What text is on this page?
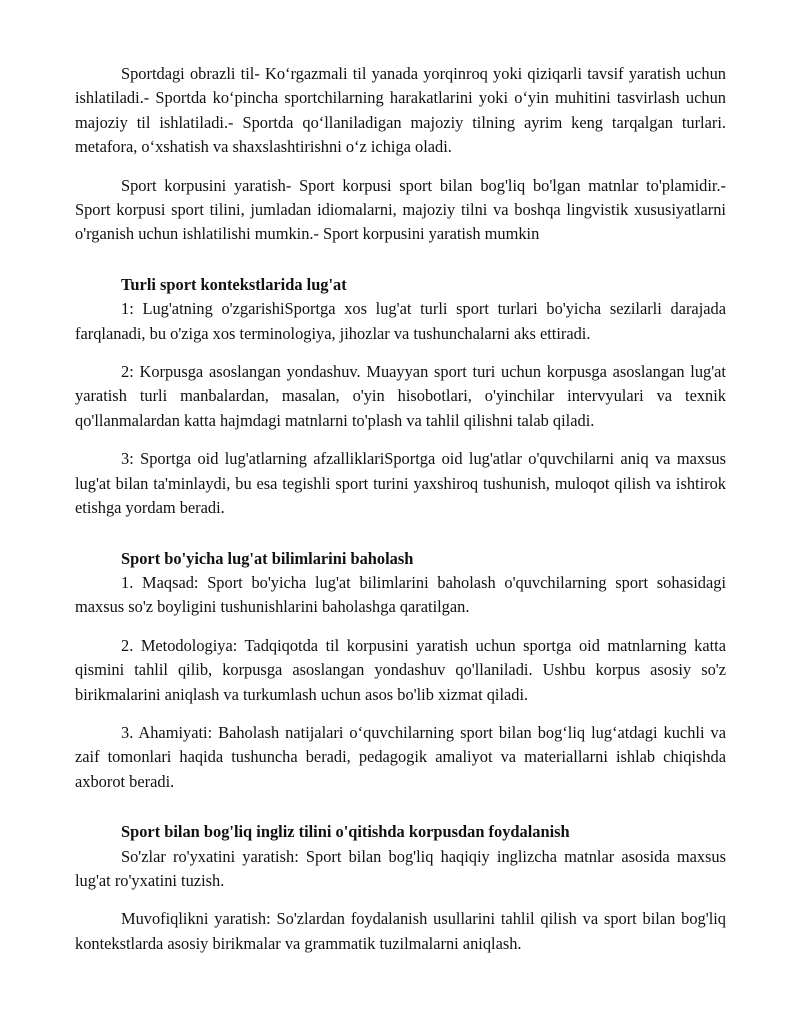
Sportdagi obrazli til- Ko‘rgazmali til yanada yorqinroq yoki qiziqarli tavsif yaratish uchun ishlatiladi.- Sportda ko‘pincha sportchilarning harakatlarini yoki o‘yin muhitini tasvirlash uchun majoziy til ishlatiladi.- Sportda qo‘llaniladigan majoziy tilning ayrim keng tarqalgan turlari. metafora, o‘xshatish va shaxslashtirishni o‘z ichiga oladi.

Sport korpusini yaratish- Sport korpusi sport bilan bog'liq bo'lgan matnlar to'plamidir.- Sport korpusi sport tilini, jumladan idiomalarni, majoziy tilni va boshqa lingvistik xususiyatlarni o'rganish uchun ishlatilishi mumkin.- Sport korpusini yaratish mumkin

Turli sport kontekstlarida lug'at

1: Lug'atning o'zgarishiSportga xos lug'at turli sport turlari bo'yicha sezilarli darajada farqlanadi, bu o'ziga xos terminologiya, jihozlar va tushunchalarni aks ettiradi.

2: Korpusga asoslangan yondashuv. Muayyan sport turi uchun korpusga asoslangan lug'at yaratish turli manbalardan, masalan, o'yin hisobotlari, o'yinchilar intervyulari va texnik qo'llanmalardan katta hajmdagi matnlarni to'plash va tahlil qilishni talab qiladi.

3: Sportga oid lug'atlarning afzalliklariSportga oid lug'atlar o'quvchilarni aniq va maxsus lug'at bilan ta'minlaydi, bu esa tegishli sport turini yaxshiroq tushunish, muloqot qilish va ishtirok etishga yordam beradi.

Sport bo'yicha lug'at bilimlarini baholash

1. Maqsad: Sport bo'yicha lug'at bilimlarini baholash o'quvchilarning sport sohasidagi maxsus so'z boyligini tushunishlarini baholashga qaratilgan.

2. Metodologiya: Tadqiqotda til korpusini yaratish uchun sportga oid matnlarning katta qismini tahlil qilib, korpusga asoslangan yondashuv qo'llaniladi. Ushbu korpus asosiy so'z birikmalarini aniqlash va turkumlash uchun asos bo'lib xizmat qiladi.

3. Ahamiyati: Baholash natijalari o‘quvchilarning sport bilan bog‘liq lug‘atdagi kuchli va zaif tomonlari haqida tushuncha beradi, pedagogik amaliyot va materiallarni ishlab chiqishda axborot beradi.

Sport bilan bog'liq ingliz tilini o'qitishda korpusdan foydalanish

So'zlar ro'yxatini yaratish: Sport bilan bog'liq haqiqiy inglizcha matnlar asosida maxsus lug'at ro'yxatini tuzish.

Muvofiqlikni yaratish: So'zlardan foydalanish usullarini tahlil qilish va sport bilan bog'liq kontekstlarda asosiy birikmalar va grammatik tuzilmalarni aniqlash.
